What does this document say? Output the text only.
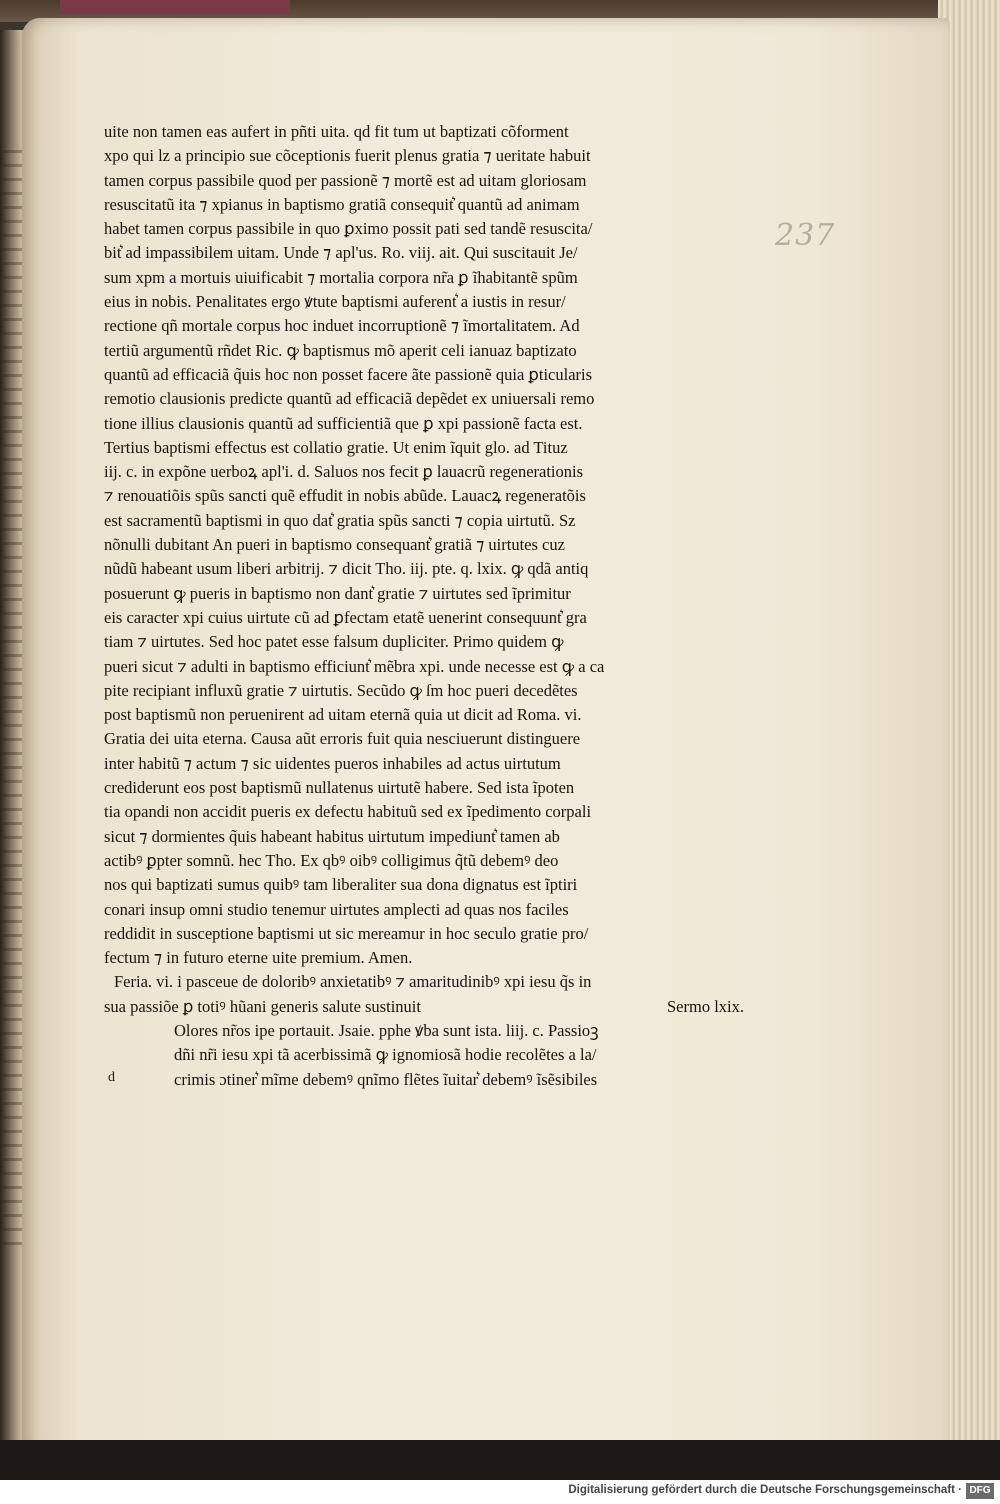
237
uite non tamen eas aufert in pñti uita. qd fit tum ut baptizati cõforment
xpo qui lz a principio sue cõceptionis fuerit plenus gratia ⁊ ueritate habuit
tamen corpus passibile quod per passionẽ ⁊ mortẽ est ad uitam gloriosam
resuscitatũ ita ⁊ xpianus in baptismo gratiã consequit͛ quantũ ad animam
habet tamen corpus passibile in quo ꝑximo possit pati sed tandẽ resuscita/
bit͛ ad impassibilem uitam. Unde ⁊ apl'us. Ro. viij. ait. Qui suscitauit Je/
sum xpm a mortuis uiuificabit ⁊ mortalia corpora nr̃a ꝑ ĩhabitantẽ spũm
eius in nobis. Penalitates ergo ꝟtute baptismi auferent͛ a iustis in resur/
rectione qñ mortale corpus hoc induet incorruptionẽ ⁊ ĩmortalitatem. Ad
tertiũ argumentũ rñdet Ric. ꝙ baptismus mõ aperit celi ianuaz baptizato
quantũ ad efficaciã q̃uis hoc non posset facere ãte passionẽ quia ꝑticularis
remotio clausionis predicte quantũ ad efficaciã depẽdet ex uniuersali remo
tione illius clausionis quantũ ad sufficientiã que ꝑ xpi passionẽ facta est.
Tertius baptismi effectus est collatio gratie. Ut enim ĩquit glo. ad Tituz
iij. c. in expõne uerboꝝ apl'i. d. Saluos nos fecit ꝑ lauacrũ regenerationis
⁊ renouatiõis spũs sancti quẽ effudit in nobis abũde. Lauacꝝ regeneratõis
est sacramentũ baptismi in quo dat͛ gratia spũs sancti ⁊ copia uirtutũ. Sz
nõnulli dubitant An pueri in baptismo consequant͛ gratiã ⁊ uirtutes cuz
nũdũ habeant usum liberi arbitrij. ⁊ dicit Tho. iij. pte. q. lxix. ꝙ qdã antiq
posuerunt ꝙ pueris in baptismo non dant͛ gratie ⁊ uirtutes sed ĩprimitur
eis caracter xpi cuius uirtute cũ ad ꝑfectam etatẽ uenerint consequunt͛ gra
tiam ⁊ uirtutes. Sed hoc patet esse falsum dupliciter. Primo quidem ꝙ
pueri sicut ⁊ adulti in baptismo efficiunt͛ mẽbra xpi. unde necesse est ꝙ a ca
pite recipiant influxũ gratie ⁊ uirtutis. Secũdo ꝙ ſm hoc pueri decedẽtes
post baptismũ non peruenirent ad uitam eternã quia ut dicit ad Roma. vi.
Gratia dei uita eterna. Causa aũt erroris fuit quia nesciuerunt distinguere
inter habitũ ⁊ actum ⁊ sic uidentes pueros inhabiles ad actus uirtutum
crediderunt eos post baptismũ nullatenus uirtutẽ habere. Sed ista ĩpoten
tia opandi non accidit pueris ex defectu habituũ sed ex ĩpedimento corpali
sicut ⁊ dormientes q̃uis habeant habitus uirtutum impediunt͛ tamen ab
actibꝰ ꝑpter somnũ. hec Tho. Ex qbꝰ oibꝰ colligimus q̃tũ debemꝰ deo
nos qui baptizati sumus quibꝰ tam liberaliter sua dona dignatus est ĩptiri
conari insup omni studio tenemur uirtutes amplecti ad quas nos faciles
reddidit in susceptione baptismi ut sic mereamur in hoc seculo gratie pro/
fectum ⁊ in futuro eterne uite premium. Amen.
Feria. vi. i pasceue de doloribꝰ anxietatibꝰ ⁊ amaritudinibꝰ xpi iesu q̃s in
sua passiõe ꝑ totiꝰ hũani generis salute sustinuit	Sermo lxix.
Olores nr̃os ipe portauit. Jsaie. pphe ꝟba sunt ista. liij. c. Passioꝫ
dñi nr̃i iesu xpi tã acerbissimã ꝙ ignomiosã hodie recolẽtes a la/
crimis ɔtiner͛ mĩme debemꝰ qnĩmo flẽtes ĩuitar͛ debemꝰ ĩsẽsibiles
d
Digitalisierung gefördert durch die Deutsche Forschungsgemeinschaft · DFG
